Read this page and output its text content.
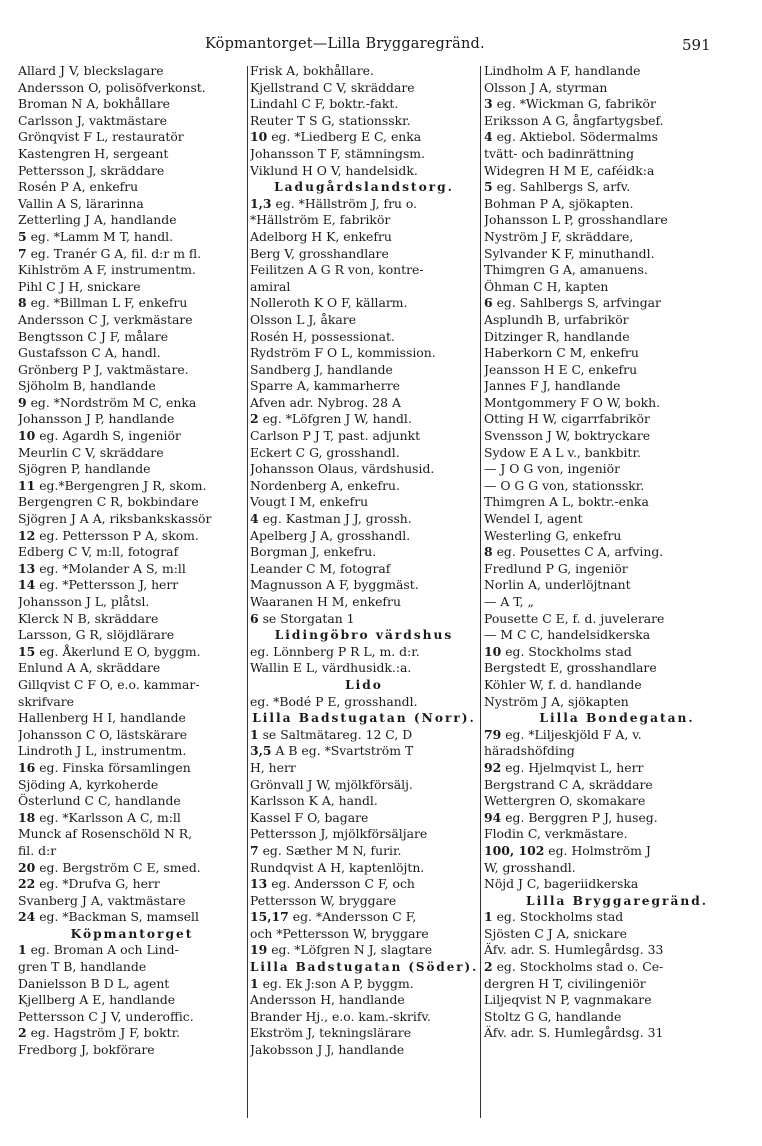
Köpmantorget—Lilla Bryggaregränd.	591
Allard J V, bleckslagare
Andersson O, polisöfverkonst.
Broman N A, bokhållare
Carlsson J, vaktmästare
Grönqvist F L, restauratör
Kastengren H, sergeant
Pettersson J, skräddare
Rosén P A, enkefru
Vallin A S, lärarinna
Zetterling J A, handlande
5 eg. *Lamm M T, handl.
7 eg. Tranér G A, fil. d:r m fl.
Kihlström A F, instrumentm.
Pihl C J H, snickare
8 eg. *Billman L F, enkefru
Andersson C J, verkmästare
Bengtsson C J F, målare
Gustafsson C A, handl.
Grönberg P J, vaktmästare.
Sjöholm B, handlande
9 eg. *Nordström M C, enka
Johansson J P, handlande
10 eg. Agardh S, ingeniör
Meurlin C V, skräddare
Sjögren P, handlande
11 eg.*Bergengren J R, skom.
Bergengren C R, bokbindare
Sjögren J A A, riksbankskassör
12 eg. Pettersson P A, skom.
Edberg C V, m:ll, fotograf
13 eg. *Molander A S, m:ll
14 eg. *Pettersson J, herr
Johansson J L, plåtsl.
Klerck N B, skräddare
Larsson, G R, slöjdlärare
15 eg. Åkerlund E O, byggm.
Enlund A A, skräddare
Gillqvist C F O, e.o. kammar-
skrifvare
Hallenberg H I, handlande
Johansson C O, lästskärare
Lindroth J L, instrumentm.
16 eg. Finska församlingen
Sjöding A, kyrkoherde
Österlund C C, handlande
18 eg. *Karlsson A C, m:ll
Munck af Rosenschöld N R,
fil. d:r
20 eg. Bergström C E, smed.
22 eg. *Drufva G, herr
Svanberg J A, vaktmästare
24 eg. *Backman S, mamsell
Köpmantorget
1 eg. Broman A och Lind-
gren T B, handlande
Danielsson B D L, agent
Kjellberg A E, handlande
Pettersson C J V, underoffic.
2 eg. Hagström J F, boktr.
Fredborg J, bokförare
Frisk A, bokhållare.
Kjellstrand C V, skräddare
Lindahl C F, boktr.-fakt.
Reuter T S G, stationsskr.
10 eg. *Liedberg E C, enka
Johansson T F, stämningsm.
Viklund H O V, handelsidk.
Ladugårdslandstorg.
1,3 eg. *Hällström J, fru o.
*Hällström E, fabrikör
Adelborg H K, enkefru
Berg V, grosshandlare
Feilitzen A G R von, kontre-
amiral
Nolleroth K O F, källarm.
Olsson L J, åkare
Rosén H, possessionat.
Rydström F O L, kommission.
Sandberg J, handlande
Sparre A, kammarherre
Afven adr. Nybrog. 28 A
2 eg. *Löfgren J W, handl.
Carlson P J T, past. adjunkt
Eckert C G, grosshandl.
Johansson Olaus, värdshusid.
Nordenberg A, enkefru.
Vougt I M, enkefru
4 eg. Kastman J J, grossh.
Apelberg J A, grosshandl.
Borgman J, enkefru.
Leander C M, fotograf
Magnusson A F, byggmäst.
Waaranen H M, enkefru
6 se Storgatan 1
Lidingöbro värdshus
eg. Lönnberg P R L, m. d:r.
Wallin E L, värdhusidk.:a.
Lido
eg. *Bodé P E, grosshandl.
Lilla Badstugatan (Norr).
1 se Saltmätareg. 12 C, D
3,5 A B eg. *Svartström T
H, herr
Grönvall J W, mjölkförsälj.
Karlsson K A, handl.
Kassel F O, bagare
Pettersson J, mjölkförsäljare
7 eg. Sæther M N, furir.
Rundqvist A H, kaptenlöjtn.
13 eg. Andersson C F, och
Pettersson W, bryggare
15,17 eg. *Andersson C F,
och *Pettersson W, bryggare
19 eg. *Löfgren N J, slagtare
Lilla Badstugatan (Söder).
1 eg. Ek J:son A P, byggm.
Andersson H, handlande
Brander Hj., e.o. kam.-skrifv.
Ekström J, tekningslärare
Jakobsson J J, handlande
Lindholm A F, handlande
Olsson J A, styrman
3 eg. *Wickman G, fabrikör
Eriksson A G, ångfartygsbef.
4 eg. Aktiebol. Södermalms
tvätt- och badinrättning
Widegren H M E, caféidk:a
5 eg. Sahlbergs S, arfv.
Bohman P A, sjökapten.
Johansson L P, grosshandlare
Nyström J F, skräddare,
Sylvander K F, minuthandl.
Thimgren G A, amanuens.
Öhman C H, kapten
6 eg. Sahlbergs S, arfvingar
Asplundh B, urfabrikör
Ditzinger R, handlande
Haberkorn C M, enkefru
Jeansson H E C, enkefru
Jannes F J, handlande
Montgommery F O W, bokh.
Otting H W, cigarrfabrikör
Svensson J W, boktryckare
Sydow E A L v., bankbitr.
— J O G von, ingeniör
— O G G von, stationsskr.
Thimgren A L, boktr.-enka
Wendel I, agent
Westerling G, enkefru
8 eg. Pousettes C A, arfving.
Fredlund P G, ingeniör
Norlin A, underlöjtnant
— A T, „
Pousette C E, f. d. juvelerare
— M C C, handelsidkerska
10 eg. Stockholms stad
Bergstedt E, grosshandlare
Köhler W, f. d. handlande
Nyström J A, sjökapten
Lilla Bondegatan.
79 eg. *Liljeskjöld F A, v.
häradshöfding
92 eg. Hjelmqvist L, herr
Bergstrand C A, skräddare
Wettergren O, skomakare
94 eg. Berggren P J, huseg.
Flodin C, verkmästare.
100, 102 eg. Holmström J
W, grosshandl.
Nöjd J C, bageriidkerska
Lilla Bryggaregränd.
1 eg. Stockholms stad
Sjösten C J A, snickare
Äfv. adr. S. Humlegårdsg. 33
2 eg. Stockholms stad o. Ce-
dergren H T, civilingeniör
Liljeqvist N P, vagnmakare
Stoltz G G, handlande
Äfv. adr. S. Humlegårdsg. 31
